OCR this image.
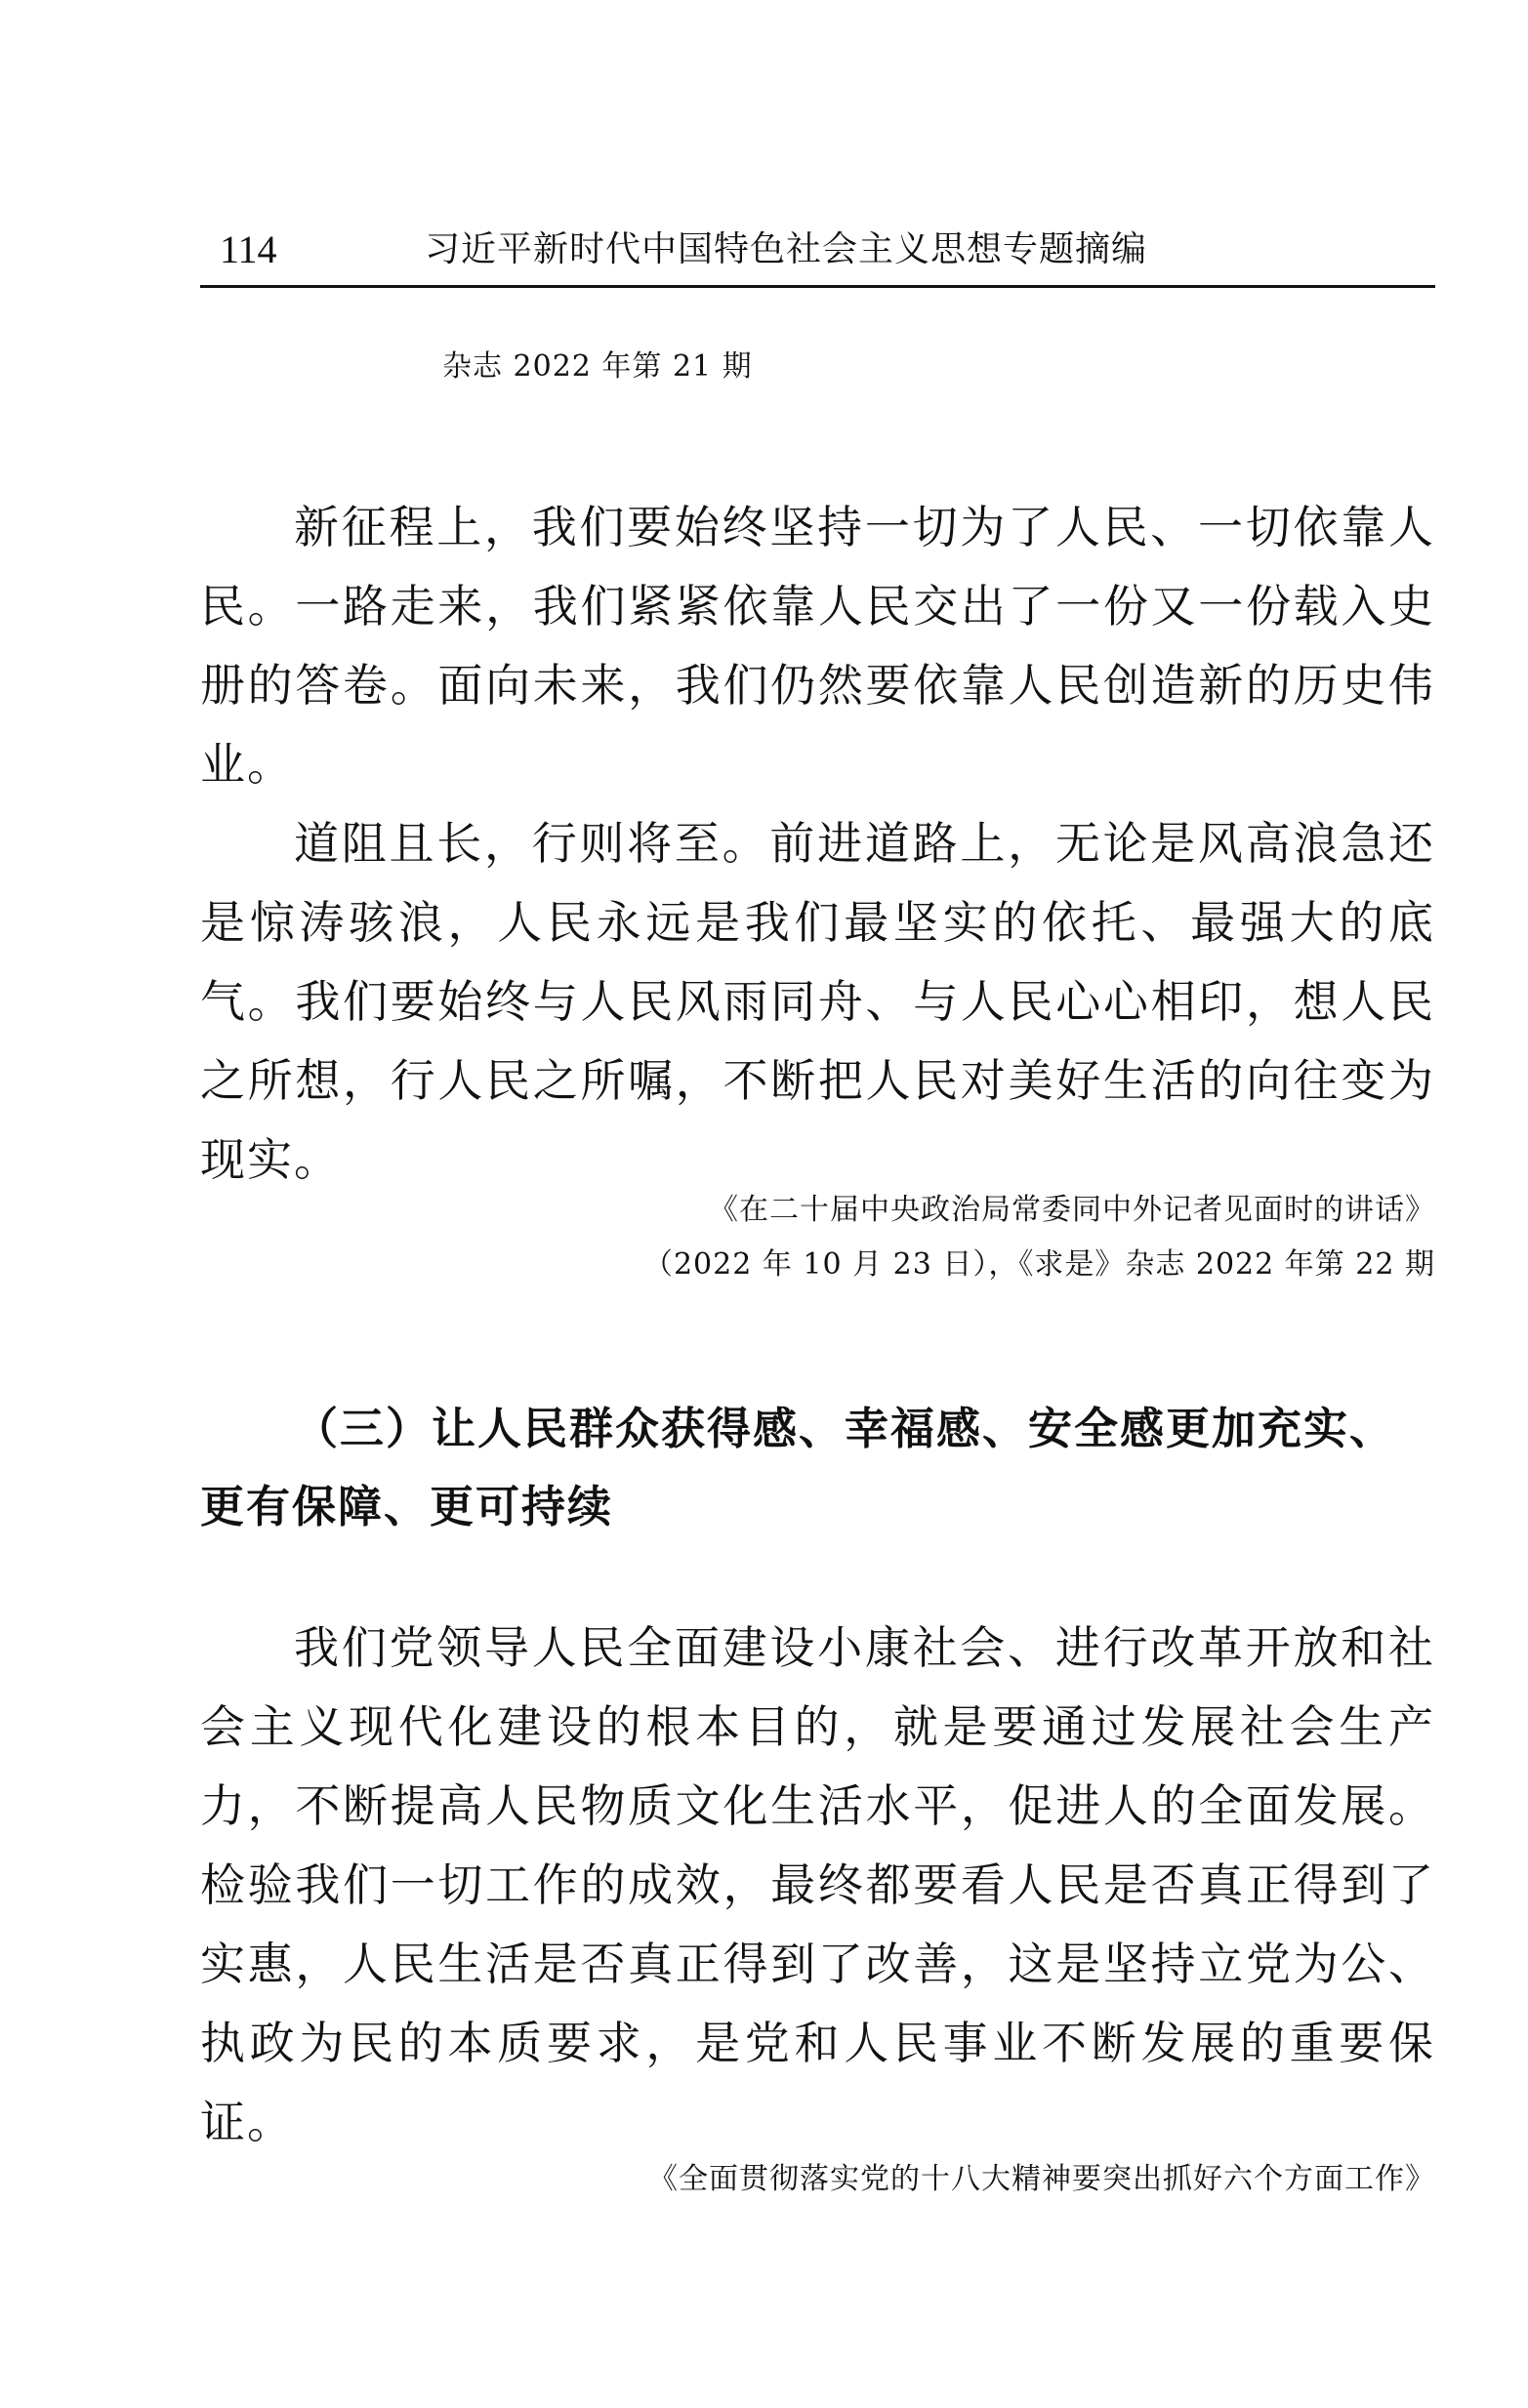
114	习近平新时代中国特色社会主义思想专题摘编
杂志 2022 年第 21 期

新征程上，我们要始终坚持一切为了人民、一切依靠人民。一路走来，我们紧紧依靠人民交出了一份又一份载入史册的答卷。面向未来，我们仍然要依靠人民创造新的历史伟业。

道阻且长，行则将至。前进道路上，无论是风高浪急还是惊涛骇浪，人民永远是我们最坚实的依托、最强大的底气。我们要始终与人民风雨同舟、与人民心心相印，想人民之所想，行人民之所嘱，不断把人民对美好生活的向往变为现实。

《在二十届中央政治局常委同中外记者见面时的讲话》
（2022 年 10 月 23 日），《求是》杂志 2022 年第 22 期

（三）让人民群众获得感、幸福感、安全感更加充实、更有保障、更可持续

我们党领导人民全面建设小康社会、进行改革开放和社会主义现代化建设的根本目的，就是要通过发展社会生产力，不断提高人民物质文化生活水平，促进人的全面发展。检验我们一切工作的成效，最终都要看人民是否真正得到了实惠，人民生活是否真正得到了改善，这是坚持立党为公、执政为民的本质要求，是党和人民事业不断发展的重要保证。

《全面贯彻落实党的十八大精神要突出抓好六个方面工作》
